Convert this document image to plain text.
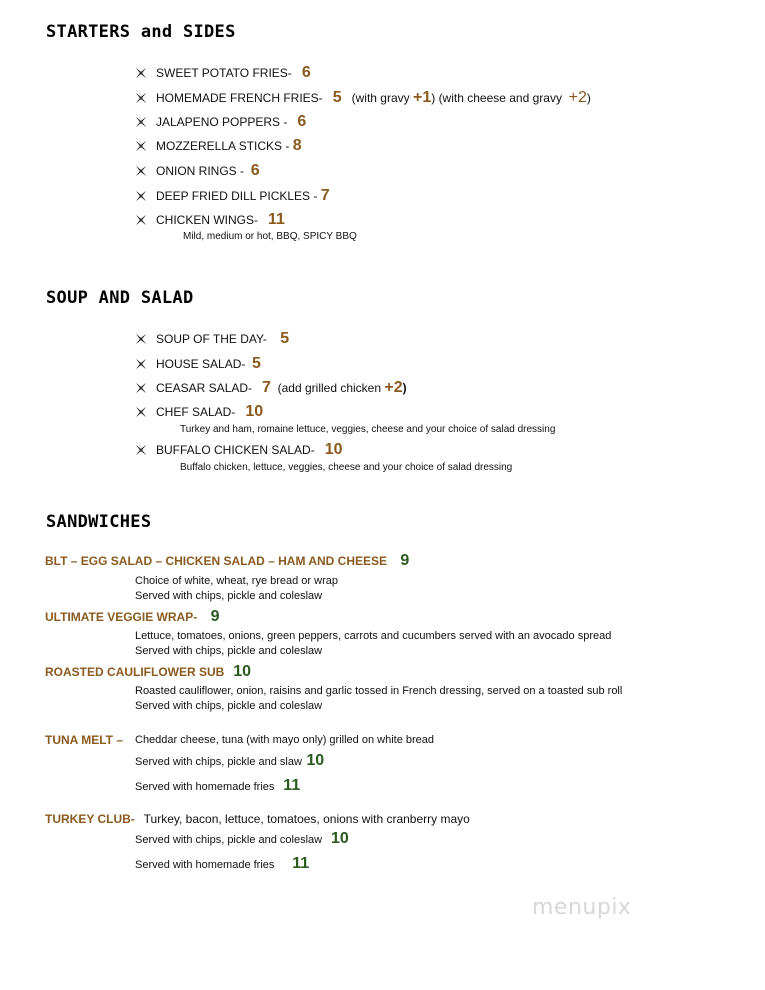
STARTERS and SIDES
SWEET POTATO FRIES- 6
HOMEMADE FRENCH FRIES- 5 (with gravy +1) (with cheese and gravy +2)
JALAPENO POPPERS - 6
MOZZERELLA STICKS - 8
ONION RINGS - 6
DEEP FRIED DILL PICKLES - 7
CHICKEN WINGS- 11
Mild, medium or hot, BBQ, SPICY BBQ
SOUP AND SALAD
SOUP OF THE DAY- 5
HOUSE SALAD- 5
CEASAR SALAD- 7 (add grilled chicken +2)
CHEF SALAD- 10
Turkey and ham, romaine lettuce, veggies, cheese and your choice of salad dressing
BUFFALO CHICKEN SALAD- 10
Buffalo chicken, lettuce, veggies, cheese and your choice of salad dressing
SANDWICHES
BLT – EGG SALAD – CHICKEN SALAD – HAM AND CHEESE 9
Choice of white, wheat, rye bread or wrap
Served with chips, pickle and coleslaw
ULTIMATE VEGGIE WRAP- 9
Lettuce, tomatoes, onions, green peppers, carrots and cucumbers served with an avocado spread
Served with chips, pickle and coleslaw
ROASTED CAULIFLOWER SUB 10
Roasted cauliflower, onion, raisins and garlic tossed in French dressing, served on a toasted sub roll
Served with chips, pickle and coleslaw
TUNA MELT – Cheddar cheese, tuna (with mayo only) grilled on white bread
Served with chips, pickle and slaw 10
Served with homemade fries 11
TURKEY CLUB- Turkey, bacon, lettuce, tomatoes, onions with cranberry mayo
Served with chips, pickle and coleslaw 10
Served with homemade fries 11
menupix
